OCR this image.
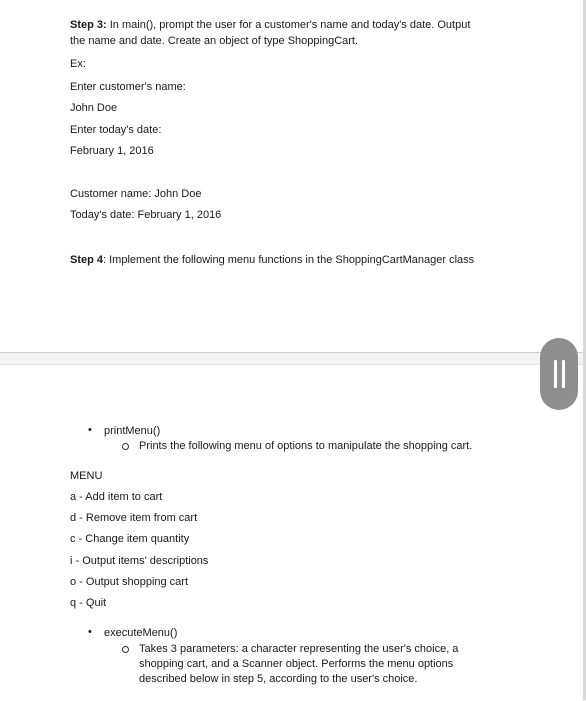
Step 3: In main(), prompt the user for a customer's name and today's date. Output
the name and date. Create an object of type ShoppingCart.
Ex:
Enter customer's name:
John Doe
Enter today's date:
February 1, 2016
Customer name: John Doe
Today's date: February 1, 2016
Step 4: Implement the following menu functions in the ShoppingCartManager class
• printMenu()
Prints the following menu of options to manipulate the shopping cart.
MENU
a - Add item to cart
d - Remove item from cart
c - Change item quantity
i - Output items' descriptions
o - Output shopping cart
q - Quit
• executeMenu()
Takes 3 parameters: a character representing the user's choice, a
shopping cart, and a Scanner object. Performs the menu options
described below in step 5, according to the user's choice.
